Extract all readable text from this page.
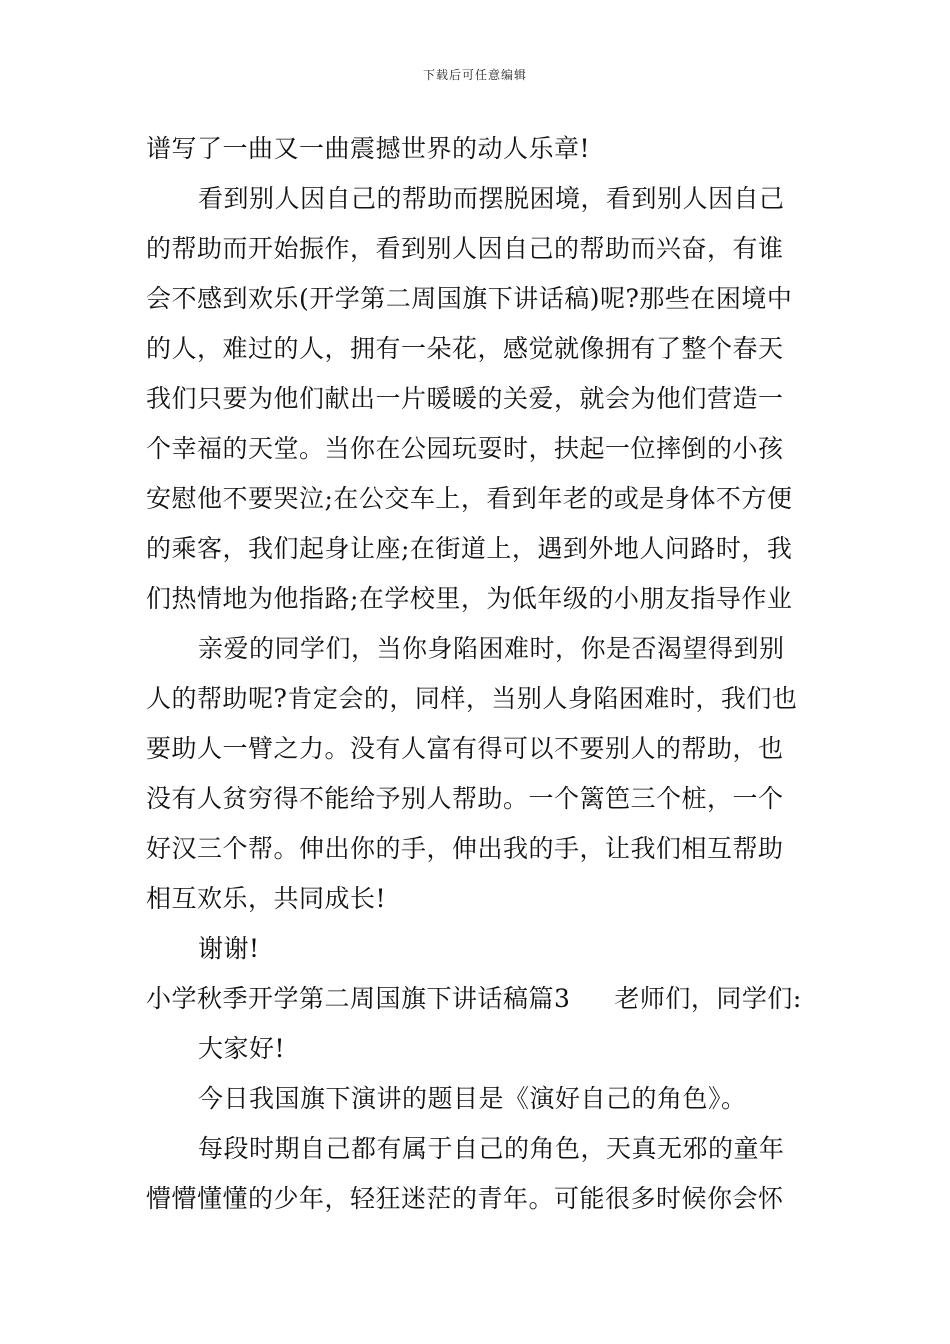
下载后可任意编辑
谱写了一曲又一曲震撼世界的动人乐章!
看到别人因自己的帮助而摆脱困境，看到别人因自己
的帮助而开始振作，看到别人因自己的帮助而兴奋，有谁
会不感到欢乐(开学第二周国旗下讲话稿)呢?那些在困境中
的人，难过的人，拥有一朵花，感觉就像拥有了整个春天
我们只要为他们献出一片暖暖的关爱，就会为他们营造一
个幸福的天堂。当你在公园玩耍时，扶起一位摔倒的小孩
安慰他不要哭泣;在公交车上，看到年老的或是身体不方便
的乘客，我们起身让座;在街道上，遇到外地人问路时，我
们热情地为他指路;在学校里，为低年级的小朋友指导作业
亲爱的同学们，当你身陷困难时，你是否渴望得到别
人的帮助呢?肯定会的，同样，当别人身陷困难时，我们也
要助人一臂之力。没有人富有得可以不要别人的帮助，也
没有人贫穷得不能给予别人帮助。一个篱笆三个桩，一个
好汉三个帮。伸出你的手，伸出我的手，让我们相互帮助
相互欢乐，共同成长!
谢谢!
小学秋季开学第二周国旗下讲话稿篇3 老师们，同学们:
大家好!
今日我国旗下演讲的题目是《演好自己的角色》。
每段时期自己都有属于自己的角色，天真无邪的童年
懵懵懂懂的少年，轻狂迷茫的青年。可能很多时候你会怀
